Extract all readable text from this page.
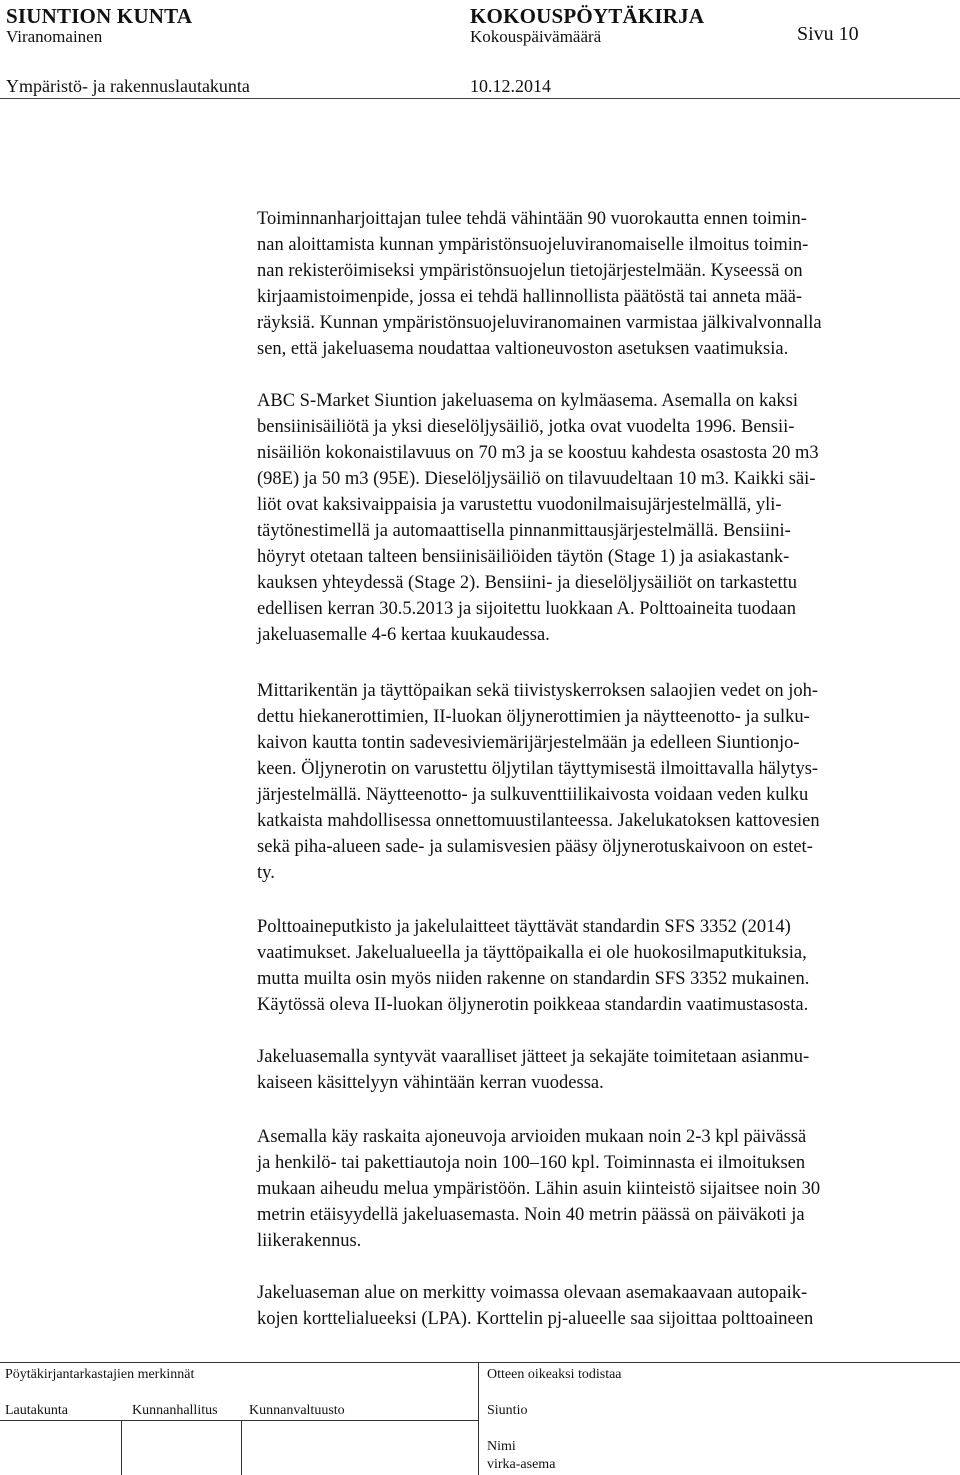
SIUNTION KUNTA	KOKOUSPÖYTÄKIRJA
Viranomainen	Kokouspäivämäärä	Sivu 10
Ympäristö- ja rakennuslautakunta	10.12.2014
Toiminnanharjoittajan tulee tehdä vähintään 90 vuorokautta ennen toimin-
nan aloittamista kunnan ympäristönsuojeluviranomaiselle ilmoitus toimin-
nan rekisteröimiseksi ympäristönsuojelun tietojärjestelmään. Kyseessä on
kirjaamistoimenpide, jossa ei tehdä hallinnollista päätöstä tai anneta mää-
räyksiä. Kunnan ympäristönsuojeluviranomainen varmistaa jälkivalvonnalla
sen, että jakeluasema noudattaa valtioneuvoston asetuksen vaatimuksia.
ABC S-Market Siuntion jakeluasema on kylmäasema. Asemalla on kaksi
bensiinisäiliötä ja yksi dieselöljysäiliö, jotka ovat vuodelta 1996. Bensii-
nisäiliön kokonaistilavuus on 70 m3 ja se koostuu kahdesta osastosta 20 m3
(98E) ja 50 m3 (95E). Dieselöljysäiliö on tilavuudeltaan 10 m3. Kaikki säi-
liöt ovat kaksivaippaisia ja varustettu vuodonilmaisujärjestelmällä, yli-
täytönestimellä ja automaattisella pinnanmittausjärjestelmällä. Bensiini-
höyryt otetaan talteen bensiinisäiliöiden täytön (Stage 1) ja asiakastank-
kauksen yhteydessä (Stage 2). Bensiini- ja dieselöljysäiliöt on tarkastettu
edellisen kerran 30.5.2013 ja sijoitettu luokkaan A. Polttoaineita tuodaan
jakeluasemalle 4-6 kertaa kuukaudessa.
Mittarikentän ja täyttöpaikan sekä tiivistyskerroksen salaojien vedet on joh-
dettu hiekanerottimien, II-luokan öljynerottimien ja näytteenotto- ja sulku-
kaivon kautta tontin sadevesiviemärijärjestelmään ja edelleen Siuntionjo-
keen. Öljynerotin on varustettu öljytilan täyttymisestä ilmoittavalla hälytys-
järjestelmällä. Näytteenotto- ja sulkuventtiilikaivosta voidaan veden kulku
katkaista mahdollisessa onnettomuustilanteessa. Jakelukatoksen kattovesien
sekä piha-alueen sade- ja sulamisvesien pääsy öljynerotuskaivoon on estet-
ty.
Polttoaineputkisto ja jakelulaitteet täyttävät standardin SFS 3352 (2014)
vaatimukset. Jakelualueella ja täyttöpaikalla ei ole huokosilmaputkituksia,
mutta muilta osin myös niiden rakenne on standardin SFS 3352 mukainen.
Käytössä oleva II-luokan öljynerotin poikkeaa standardin vaatimustasosta.
Jakeluasemalla syntyvät vaaralliset jätteet ja sekajäte toimitetaan asianmu-
kaiseen käsittelyyn vähintään kerran vuodessa.
Asemalla käy raskaita ajoneuvoja arvioiden mukaan noin 2-3 kpl päivässä
ja henkilö- tai pakettiautoja noin 100–160 kpl. Toiminnasta ei ilmoituksen
mukaan aiheudu melua ympäristöön. Lähin asuin kiinteistö sijaitsee noin 30
metrin etäisyydellä jakeluasemasta. Noin 40 metrin päässä on päiväkoti ja
liikerakennus.
Jakeluaseman alue on merkitty voimassa olevaan asemakaavaan autopaik-
kojen korttelialueeksi (LPA). Korttelin pj-alueelle saa sijoittaa polttoaineen
Pöytäkirjantarkastajien merkinnät	Otteen oikeaksi todistaa
Lautakunta	Kunnanhallitus Kunnanvaltuusto	Siuntio
Nimi
virka-asema
